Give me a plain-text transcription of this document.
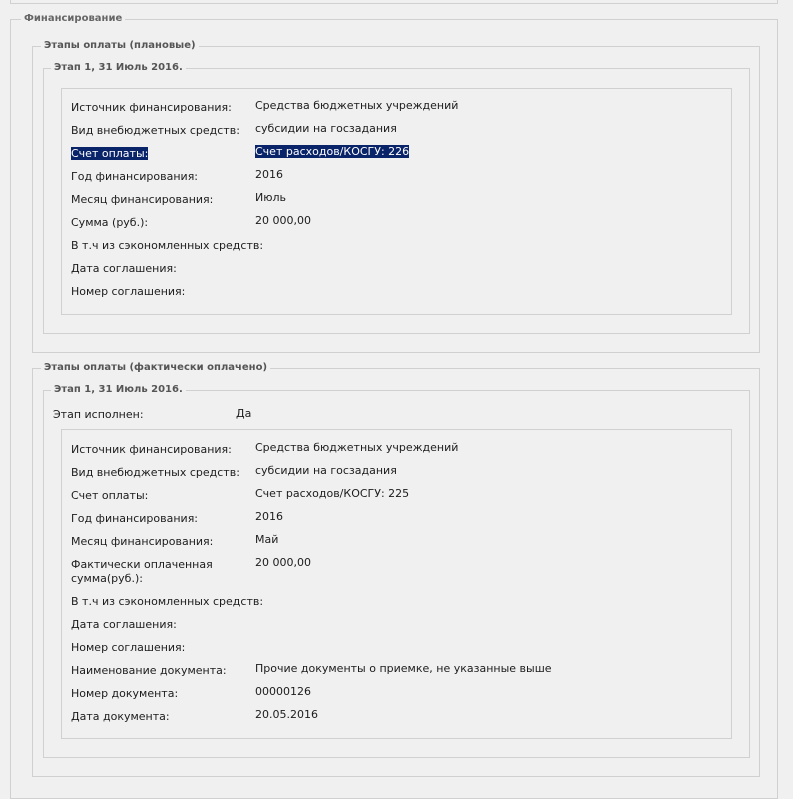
Финансирование
Этапы оплаты (плановые)
Этап 1, 31 Июль 2016.
Источник финансирования: Средства бюджетных учреждений
Вид внебюджетных средств: субсидии на госзадания
Счет оплаты:	Счет расходов/КОСГУ: 226
Год финансирования:	2016
Месяц финансирования:	Июль
Сумма (руб.):	20 000,00
В т.ч из сэкономленных средств:
Дата соглашения:
Номер соглашения:
Этапы оплаты (фактически оплачено)
Этап 1, 31 Июль 2016.
Этап исполнен:	Да
Источник финансирования: Средства бюджетных учреждений
Вид внебюджетных средств: субсидии на госзадания
Счет оплаты:	Счет расходов/КОСГУ: 225
Год финансирования:	2016
Месяц финансирования:	Май
Фактически оплаченная
сумма(руб.):
20 000,00
В т.ч из сэкономленных средств:
Дата соглашения:
Номер соглашения:
Наименование документа:	Прочие документы о приемке, не указанные выше
Номер документа:	00000126
Дата документа:	20.05.2016
